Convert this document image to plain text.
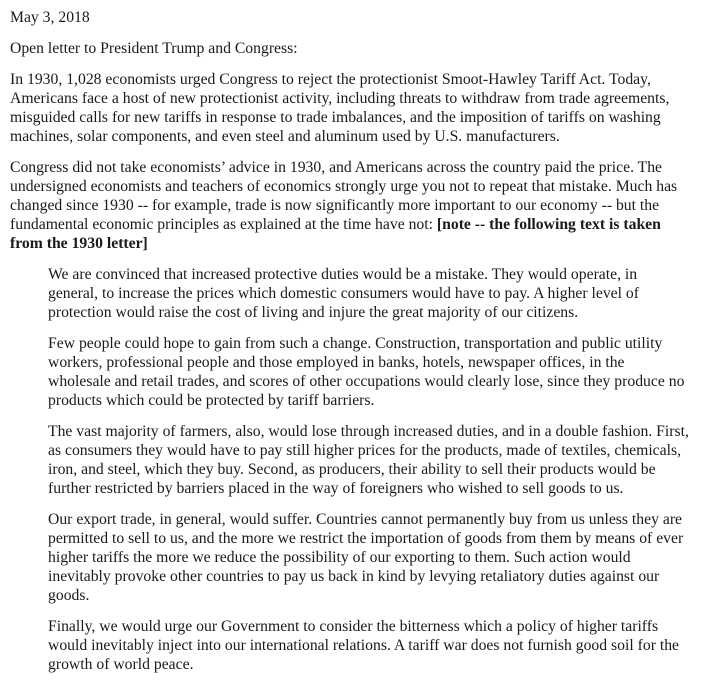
May 3, 2018

Open letter to President Trump and Congress:

In 1930, 1,028 economists urged Congress to reject the protectionist Smoot-Hawley Tariff Act. Today, Americans face a host of new protectionist activity, including threats to withdraw from trade agreements, misguided calls for new tariffs in response to trade imbalances, and the imposition of tariffs on washing machines, solar components, and even steel and aluminum used by U.S. manufacturers.

Congress did not take economists’ advice in 1930, and Americans across the country paid the price. The undersigned economists and teachers of economics strongly urge you not to repeat that mistake. Much has changed since 1930 -- for example, trade is now significantly more important to our economy -- but the fundamental economic principles as explained at the time have not: [note -- the following text is taken from the 1930 letter]

We are convinced that increased protective duties would be a mistake. They would operate, in general, to increase the prices which domestic consumers would have to pay. A higher level of protection would raise the cost of living and injure the great majority of our citizens.

Few people could hope to gain from such a change. Construction, transportation and public utility workers, professional people and those employed in banks, hotels, newspaper offices, in the wholesale and retail trades, and scores of other occupations would clearly lose, since they produce no products which could be protected by tariff barriers.

The vast majority of farmers, also, would lose through increased duties, and in a double fashion. First, as consumers they would have to pay still higher prices for the products, made of textiles, chemicals, iron, and steel, which they buy. Second, as producers, their ability to sell their products would be further restricted by barriers placed in the way of foreigners who wished to sell goods to us.

Our export trade, in general, would suffer. Countries cannot permanently buy from us unless they are permitted to sell to us, and the more we restrict the importation of goods from them by means of ever higher tariffs the more we reduce the possibility of our exporting to them. Such action would inevitably provoke other countries to pay us back in kind by levying retaliatory duties against our goods.

Finally, we would urge our Government to consider the bitterness which a policy of higher tariffs would inevitably inject into our international relations. A tariff war does not furnish good soil for the growth of world peace.
